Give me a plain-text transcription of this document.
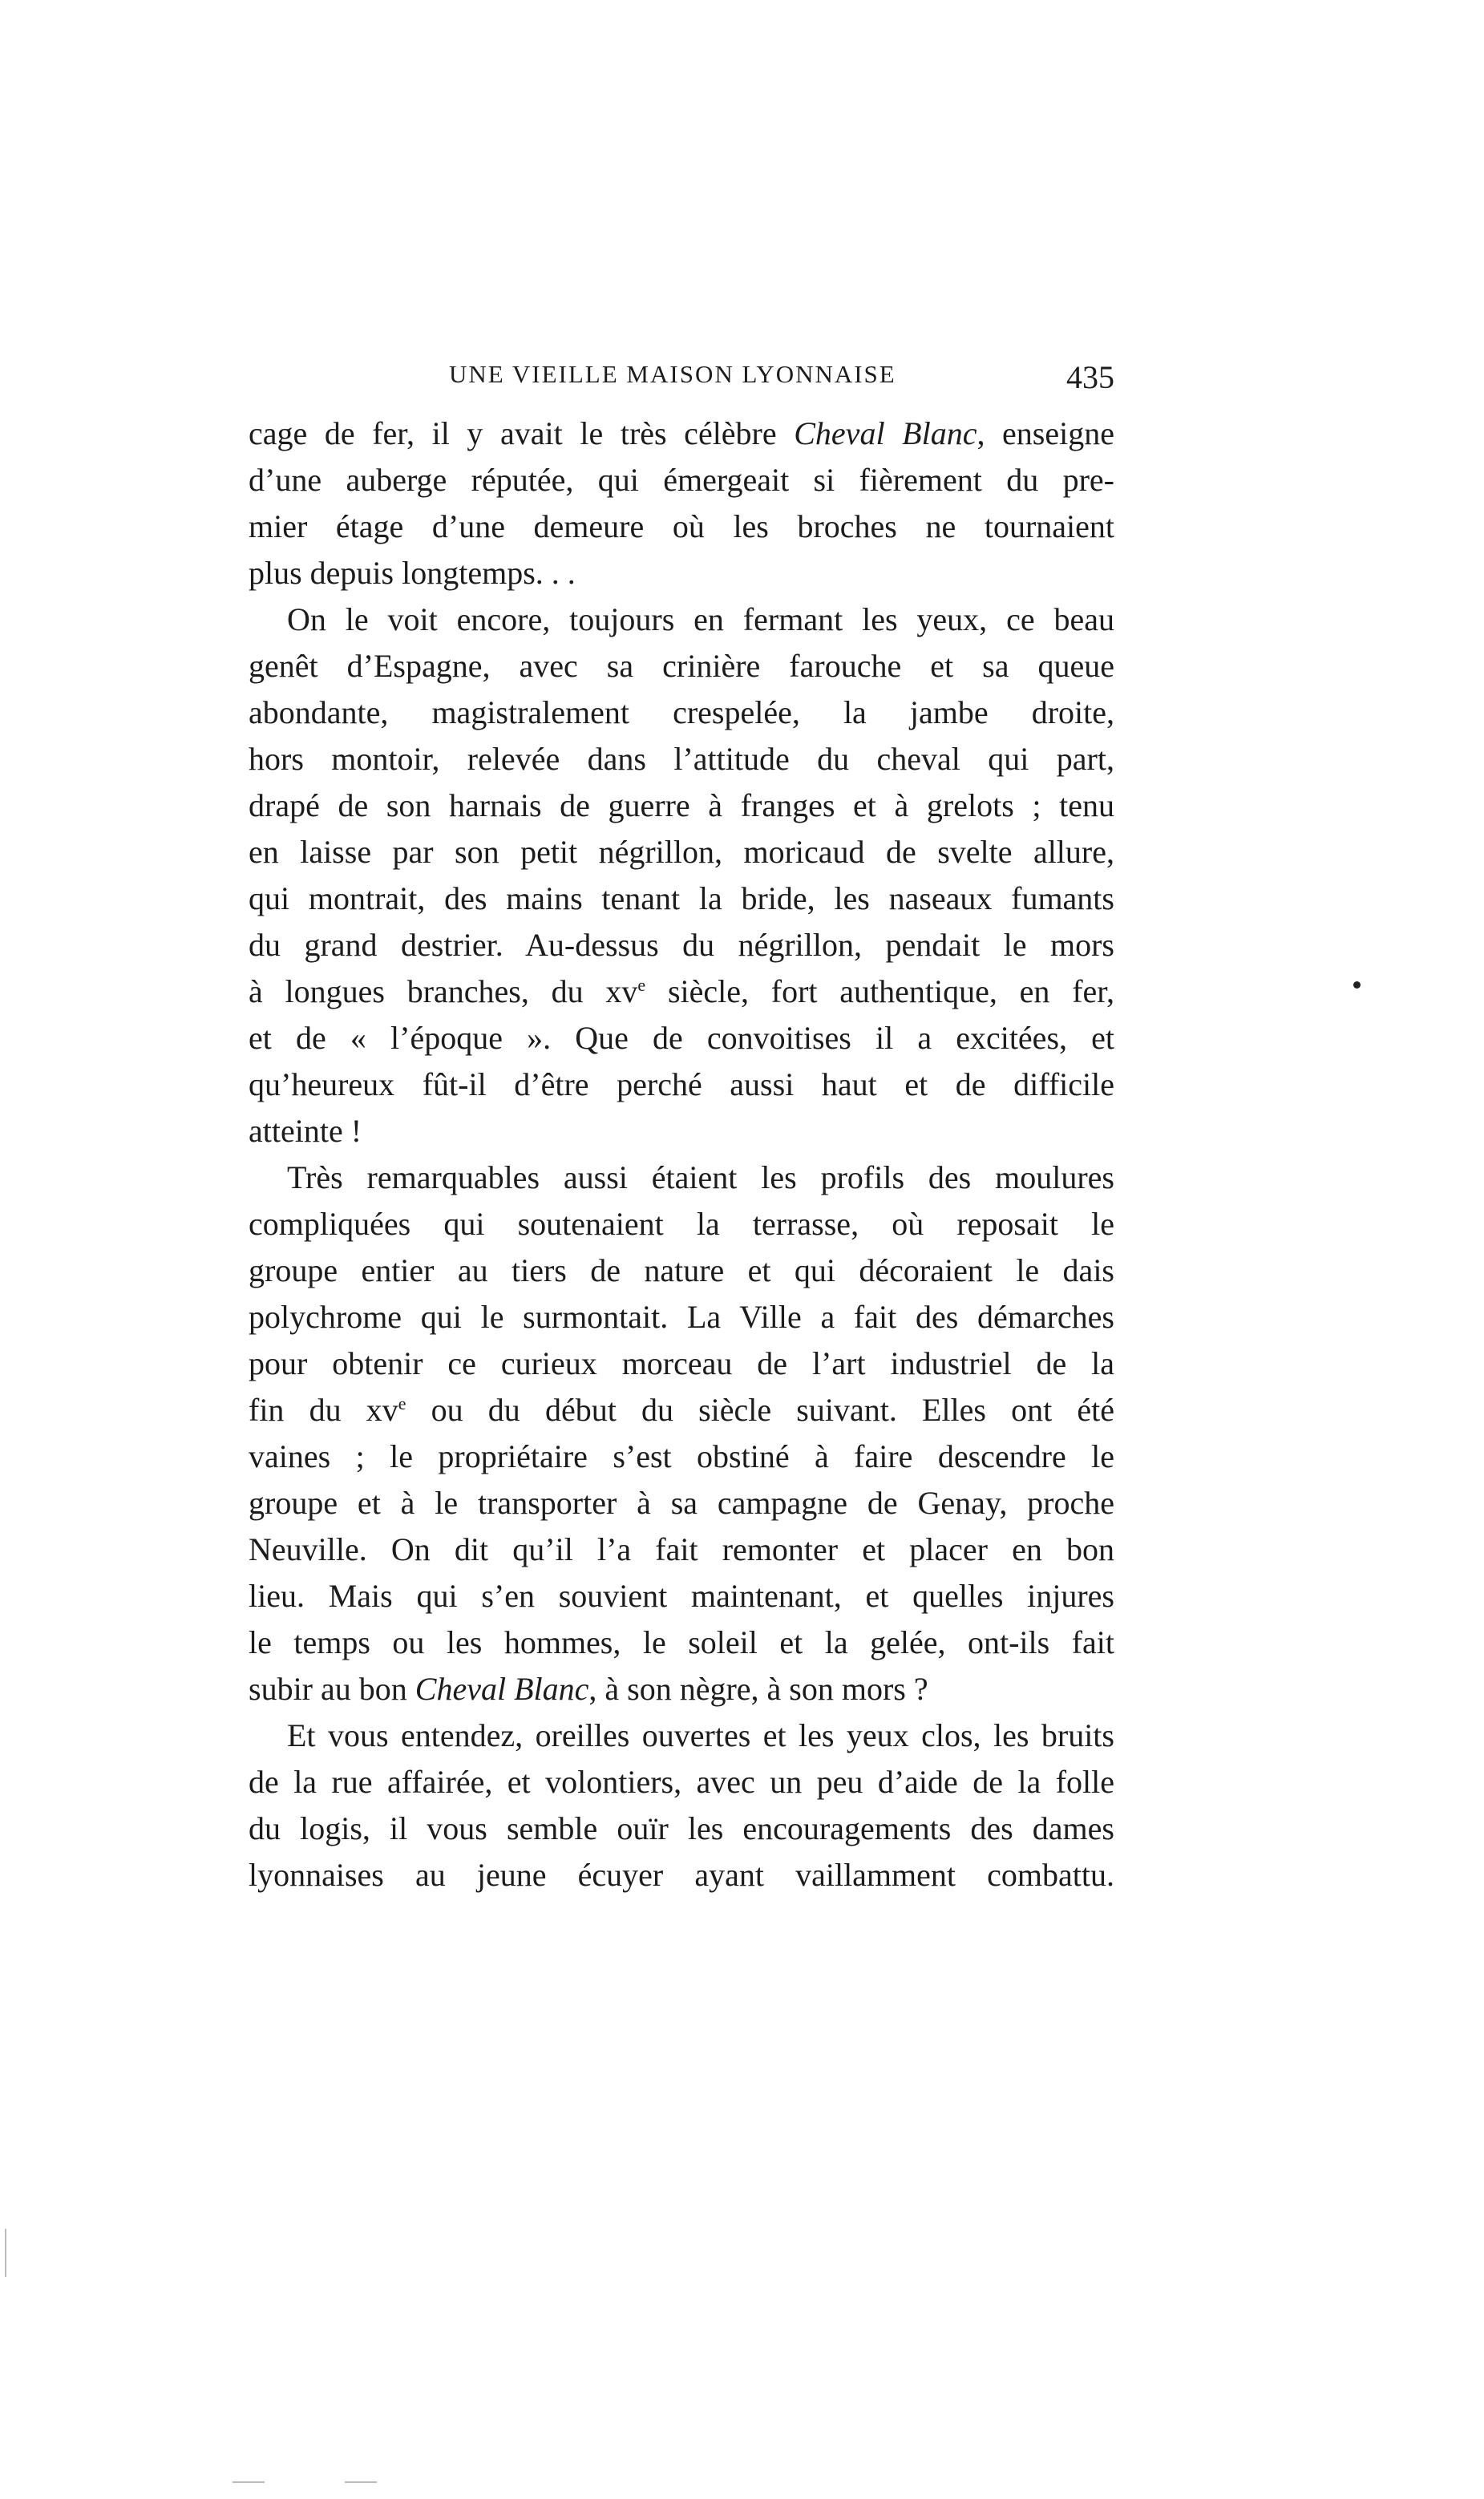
UNE VIEILLE MAISON LYONNAISE	435

cage de fer, il y avait le très célèbre Cheval Blanc, enseigne
d’une auberge réputée, qui émergeait si fièrement du pre-
mier étage d’une demeure où les broches ne tournaient
plus depuis longtemps. . .

On le voit encore, toujours en fermant les yeux, ce beau
genêt d’Espagne, avec sa crinière farouche et sa queue
abondante, magistralement crespelée, la jambe droite,
hors montoir, relevée dans l’attitude du cheval qui part,
drapé de son harnais de guerre à franges et à grelots ; tenu
en laisse par son petit négrillon, moricaud de svelte allure,
qui montrait, des mains tenant la bride, les naseaux fumants
du grand destrier. Au-dessus du négrillon, pendait le mors
à longues branches, du $xv^e$ siècle, fort authentique, en fer,
et de « l’époque ». Que de convoitises il a excitées, et
qu’heureux fût-il d’être perché aussi haut et de difficile
atteinte !

Très remarquables aussi étaient les profils des moulures
compliquées qui soutenaient la terrasse, où reposait le
groupe entier au tiers de nature et qui décoraient le dais
polychrome qui le surmontait. La Ville a fait des démarches
pour obtenir ce curieux morceau de l’art industriel de la
fin du $xv^e$ ou du début du siècle suivant. Elles ont été
vaines ; le propriétaire s’est obstiné à faire descendre le
groupe et à le transporter à sa campagne de Genay, proche
Neuville. On dit qu’il l’a fait remonter et placer en bon
lieu. Mais qui s’en souvient maintenant, et quelles injures
le temps ou les hommes, le soleil et la gelée, ont-ils fait
subir au bon Cheval Blanc, à son nègre, à son mors ?

Et vous entendez, oreilles ouvertes et les yeux clos, les bruits
de la rue affairée, et volontiers, avec un peu d’aide de la folle
du logis, il vous semble ouïr les encouragements des dames
lyonnaises au jeune écuyer ayant vaillamment combattu.
